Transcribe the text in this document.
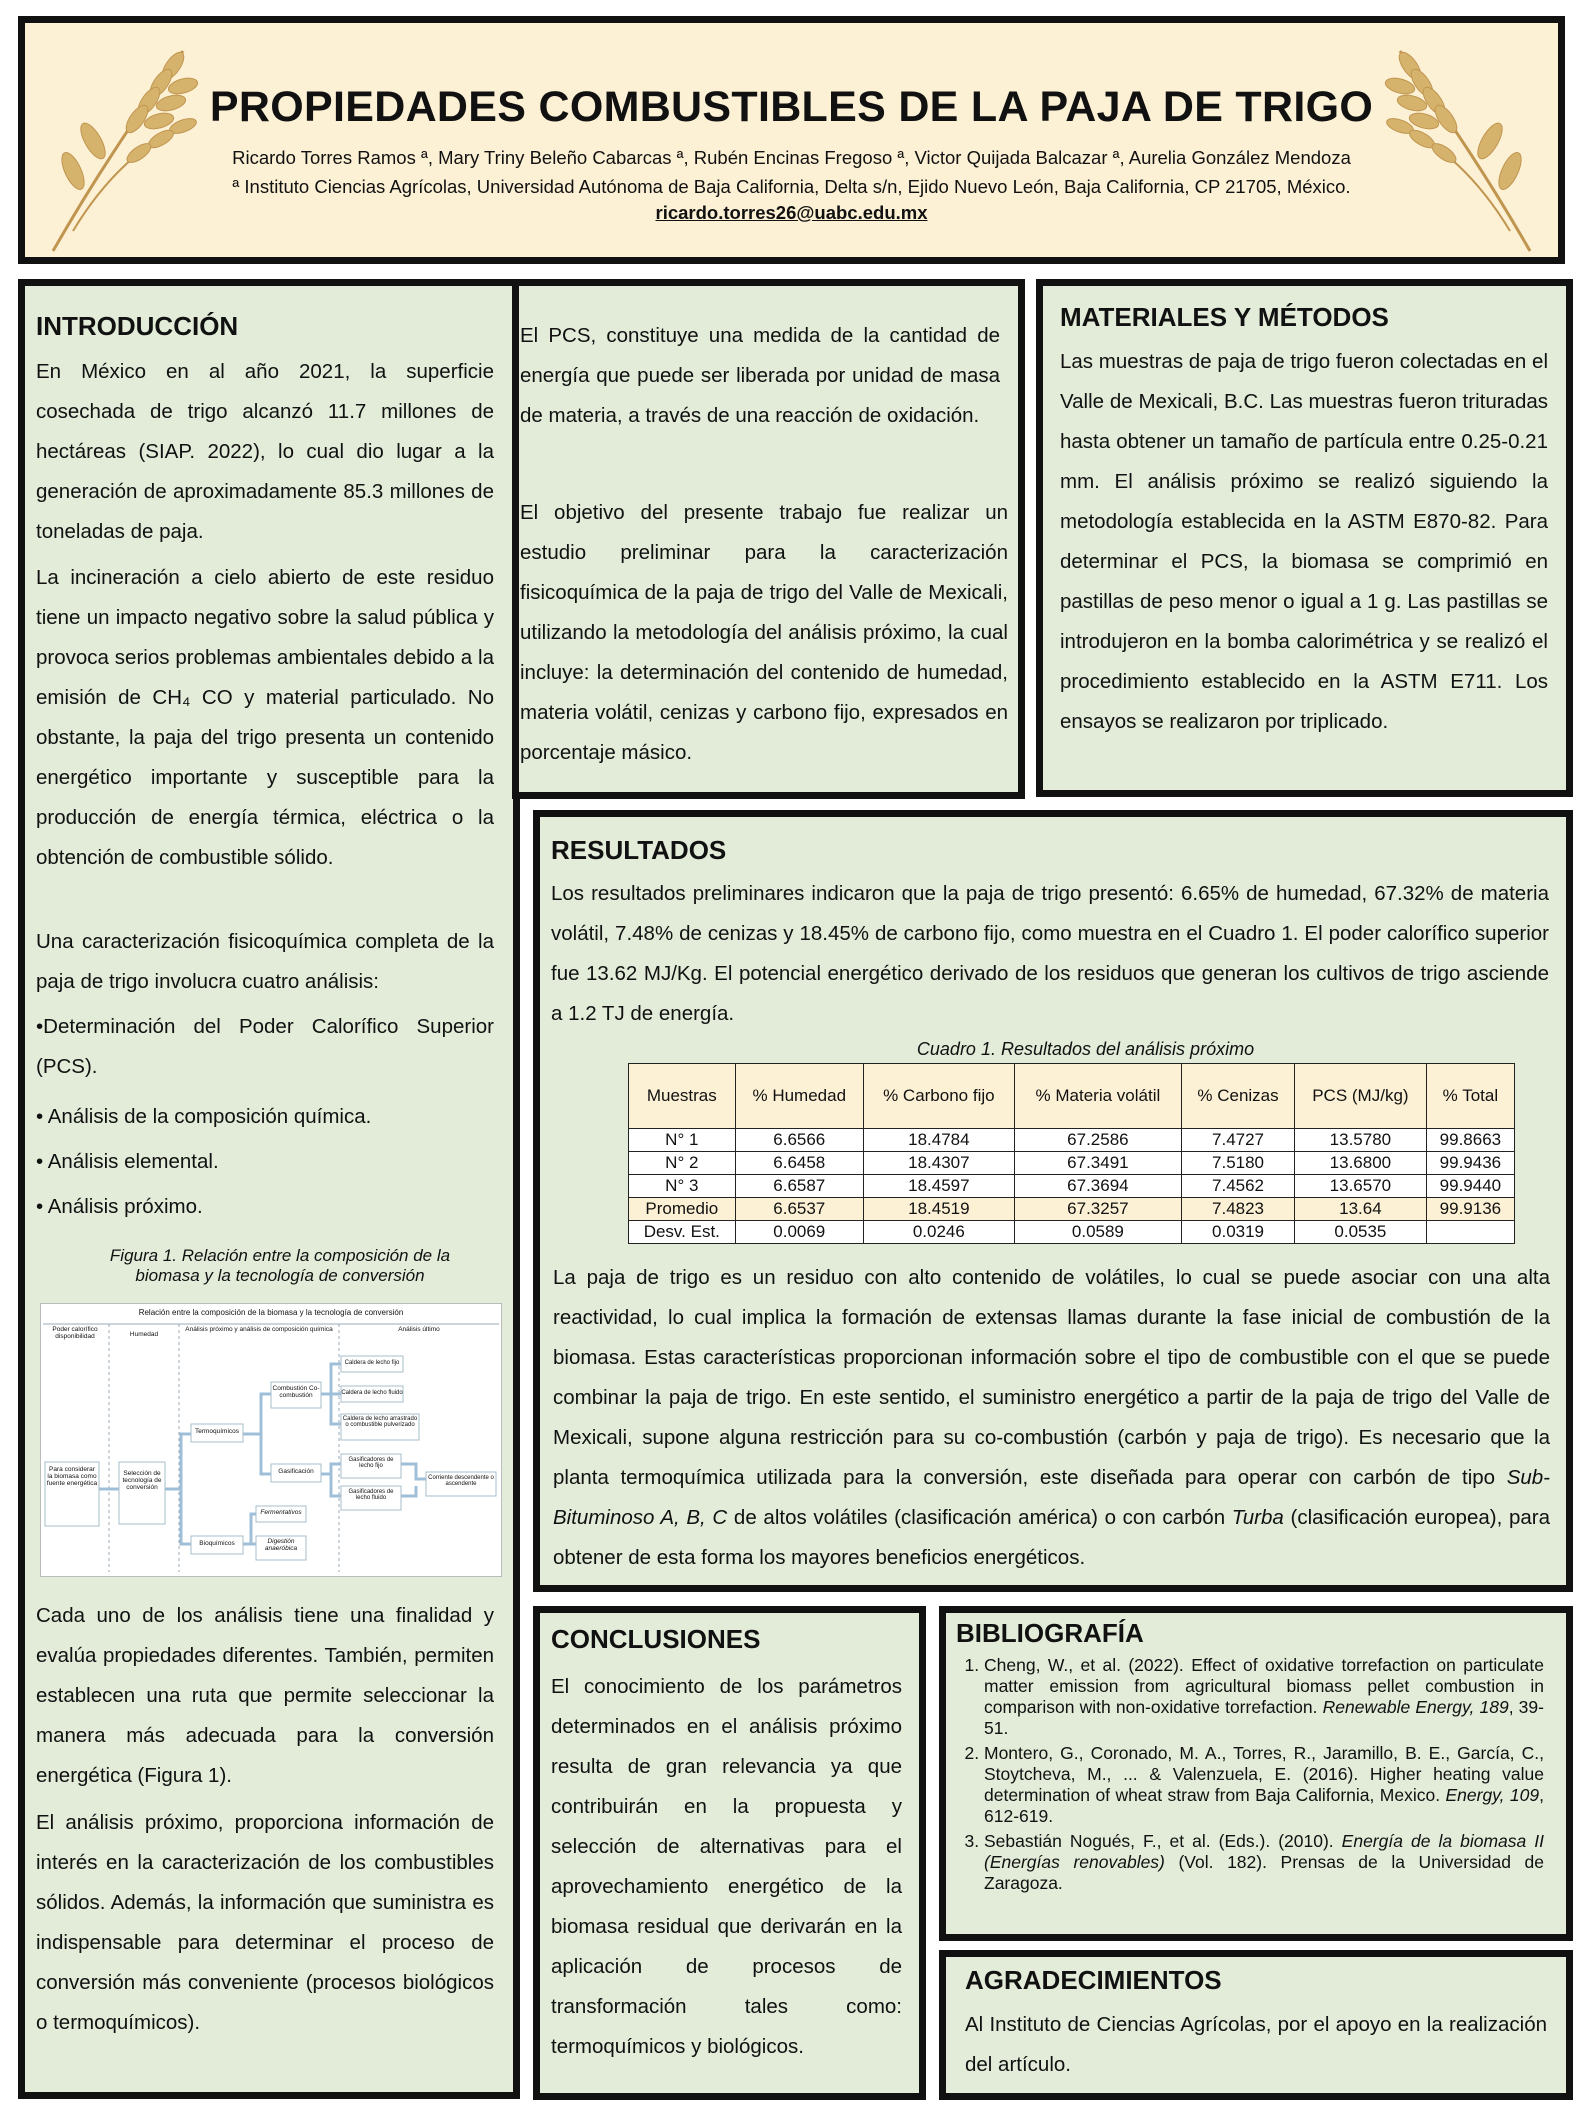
PROPIEDADES COMBUSTIBLES DE LA PAJA DE TRIGO
Ricardo Torres Ramos ª, Mary Triny Beleño Cabarcas ª, Rubén Encinas Fregoso ª, Victor Quijada Balcazar ª, Aurelia González Mendoza
ª Instituto Ciencias Agrícolas, Universidad Autónoma de Baja California, Delta s/n, Ejido Nuevo León, Baja California, CP 21705, México.
ricardo.torres26@uabc.edu.mx
INTRODUCCIÓN

En México en al año 2021, la superficie cosechada de trigo alcanzó 11.7 millones de hectáreas (SIAP. 2022), lo cual dio lugar a la generación de aproximadamente 85.3 millones de toneladas de paja.

La incineración a cielo abierto de este residuo tiene un impacto negativo sobre la salud pública y provoca serios problemas ambientales debido a la emisión de CH₄ CO y material particulado. No obstante, la paja del trigo presenta un contenido energético importante y susceptible para la producción de energía térmica, eléctrica o la obtención de combustible sólido.

Una caracterización fisicoquímica completa de la paja de trigo involucra cuatro análisis:

•Determinación del Poder Calorífico Superior (PCS).

• Análisis de la composición química.

• Análisis elemental.

• Análisis próximo.

Figura 1. Relación entre la composición de la biomasa y la tecnología de conversión
Relación entre la composición de la biomasa y la tecnología de conversión
Poder calorífico disponibilidad	Humedad
Análisis próximo y análisis de composición química	Análisis último
Para considerar la biomasa como fuente energética
Selección de tecnología de conversión
Termoquímicos
Bioquímicos
Combustión Co-combustión
Gasificación
Fermentativos
Digestión anaeróbica
Caldera de lecho fijo
Caldera de lecho fluido
Caldera de lecho arrastrado o combustible pulverizado
Gasificadores de lecho fijo
Gasificadores de lecho fluido
Corriente descendente o ascendente

Cada uno de los análisis tiene una finalidad y evalúa propiedades diferentes. También, permiten establecen una ruta que permite seleccionar la manera más adecuada para la conversión energética (Figura 1).

El análisis próximo, proporciona información de interés en la caracterización de los combustibles sólidos. Además, la información que suministra es indispensable para determinar el proceso de conversión más conveniente (procesos biológicos o termoquímicos).

El PCS, constituye una medida de la cantidad de energía que puede ser liberada por unidad de masa de materia, a través de una reacción de oxidación.

El objetivo del presente trabajo fue realizar un estudio preliminar para la caracterización fisicoquímica de la paja de trigo del Valle de Mexicali, utilizando la metodología del análisis próximo, la cual incluye: la determinación del contenido de humedad, materia volátil, cenizas y carbono fijo, expresados en porcentaje másico.

MATERIALES Y MÉTODOS

Las muestras de paja de trigo fueron colectadas en el Valle de Mexicali, B.C. Las muestras fueron trituradas hasta obtener un tamaño de partícula entre 0.25-0.21 mm. El análisis próximo se realizó siguiendo la metodología establecida en la ASTM E870-82. Para determinar el PCS, la biomasa se comprimió en pastillas de peso menor o igual a 1 g. Las pastillas se introdujeron en la bomba calorimétrica y se realizó el procedimiento establecido en la ASTM E711. Los ensayos se realizaron por triplicado.

RESULTADOS

Los resultados preliminares indicaron que la paja de trigo presentó: 6.65% de humedad, 67.32% de materia volátil, 7.48% de cenizas y 18.45% de carbono fijo, como muestra en el Cuadro 1. El poder calorífico superior fue 13.62 MJ/Kg. El potencial energético derivado de los residuos que generan los cultivos de trigo asciende a 1.2 TJ de energía.

Cuadro 1. Resultados del análisis próximo
Muestras	% Humedad	% Carbono fijo	% Materia volátil	% Cenizas	PCS (MJ/kg)	% Total
N° 1	6.6566	18.4784	67.2586	7.4727	13.5780	99.8663
N° 2	6.6458	18.4307	67.3491	7.5180	13.6800	99.9436
N° 3	6.6587	18.4597	67.3694	7.4562	13.6570	99.9440
Promedio	6.6537	18.4519	67.3257	7.4823	13.64	99.9136
Desv. Est.	0.0069	0.0246	0.0589	0.0319	0.0535	

La paja de trigo es un residuo con alto contenido de volátiles, lo cual se puede asociar con una alta reactividad, lo cual implica la formación de extensas llamas durante la fase inicial de combustión de la biomasa. Estas características proporcionan información sobre el tipo de combustible con el que se puede combinar la paja de trigo. En este sentido, el suministro energético a partir de la paja de trigo del Valle de Mexicali, supone alguna restricción para su co-combustión (carbón y paja de trigo). Es necesario que la planta termoquímica utilizada para la conversión, este diseñada para operar con carbón de tipo Sub-Bituminoso A, B, C de altos volátiles (clasificación américa) o con carbón Turba (clasificación europea), para obtener de esta forma los mayores beneficios energéticos.

CONCLUSIONES

El conocimiento de los parámetros determinados en el análisis próximo resulta de gran relevancia ya que contribuirán en la propuesta y selección de alternativas para el aprovechamiento energético de la biomasa residual que derivarán en la aplicación de procesos de transformación tales como: termoquímicos y biológicos.

BIBLIOGRAFÍA
1. Cheng, W., et al. (2022). Effect of oxidative torrefaction on particulate matter emission from agricultural biomass pellet combustion in comparison with non-oxidative torrefaction. Renewable Energy, 189, 39-51.
2. Montero, G., Coronado, M. A., Torres, R., Jaramillo, B. E., García, C., Stoytcheva, M., ... & Valenzuela, E. (2016). Higher heating value determination of wheat straw from Baja California, Mexico. Energy, 109, 612-619.
3. Sebastián Nogués, F., et al. (Eds.). (2010). Energía de la biomasa II (Energías renovables) (Vol. 182). Prensas de la Universidad de Zaragoza.
AGRADECIMIENTOS

Al Instituto de Ciencias Agrícolas, por el apoyo en la realización del artículo.
